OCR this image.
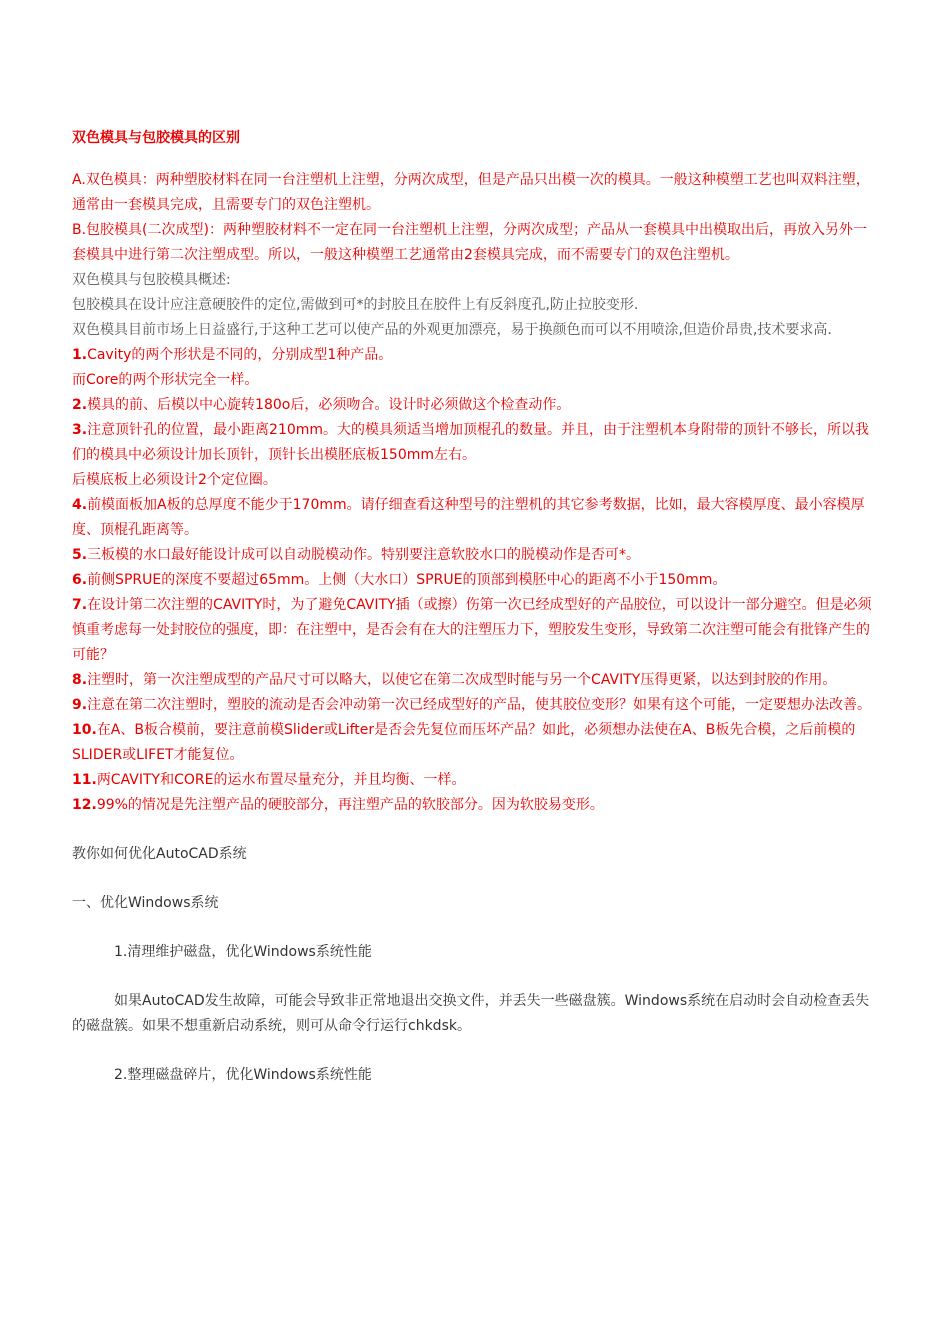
双色模具与包胶模具的区别

A.双色模具：两种塑胶材料在同一台注塑机上注塑，分两次成型，但是产品只出模一次的模具。一般这种模塑工艺也叫双料注塑，通常由一套模具完成，且需要专门的双色注塑机。

B.包胶模具(二次成型)：两种塑胶材料不一定在同一台注塑机上注塑，分两次成型；产品从一套模具中出模取出后，再放入另外一套模具中进行第二次注塑成型。所以，一般这种模塑工艺通常由2套模具完成，而不需要专门的双色注塑机。

双色模具与包胶模具概述:

包胶模具在设计应注意硬胶件的定位,需做到可*的封胶且在胶件上有反斜度孔,防止拉胶变形.

双色模具目前市场上日益盛行,于这种工艺可以使产品的外观更加漂亮，易于换颜色而可以不用喷涂,但造价昂贵,技术要求高.

1.Cavity的两个形状是不同的，分别成型1种产品。

而Core的两个形状完全一样。

2.模具的前、后模以中心旋转180o后，必须吻合。设计时必须做这个检查动作。

3.注意顶针孔的位置，最小距离210mm。大的模具须适当增加顶棍孔的数量。并且，由于注塑机本身附带的顶针不够长，所以我们的模具中必须设计加长顶针，顶针长出模胚底板150mm左右。

后模底板上必须设计2个定位圈。

4.前模面板加A板的总厚度不能少于170mm。请仔细查看这种型号的注塑机的其它参考数据，比如，最大容模厚度、最小容模厚度、顶棍孔距离等。

5.三板模的水口最好能设计成可以自动脱模动作。特别要注意软胶水口的脱模动作是否可*。

6.前侧SPRUE的深度不要超过65mm。上侧（大水口）SPRUE的顶部到模胚中心的距离不小于150mm。

7.在设计第二次注塑的CAVITY时，为了避免CAVITY插（或擦）伤第一次已经成型好的产品胶位，可以设计一部分避空。但是必须慎重考虑每一处封胶位的强度，即：在注塑中，是否会有在大的注塑压力下，塑胶发生变形，导致第二次注塑可能会有批锋产生的可能？

8.注塑时，第一次注塑成型的产品尺寸可以略大，以使它在第二次成型时能与另一个CAVITY压得更紧，以达到封胶的作用。

9.注意在第二次注塑时，塑胶的流动是否会冲动第一次已经成型好的产品，使其胶位变形？如果有这个可能，一定要想办法改善。

10.在A、B板合模前，要注意前模Slider或Lifter是否会先复位而压坏产品？如此，必须想办法使在A、B板先合模，之后前模的SLIDER或LIFET才能复位。

11.两CAVITY和CORE的运水布置尽量充分，并且均衡、一样。

12.99%的情况是先注塑产品的硬胶部分，再注塑产品的软胶部分。因为软胶易变形。

教你如何优化AutoCAD系统

一、优化Windows系统

1.清理维护磁盘，优化Windows系统性能

如果AutoCAD发生故障，可能会导致非正常地退出交换文件，并丢失一些磁盘簇。Windows系统在启动时会自动检查丢失的磁盘簇。如果不想重新启动系统，则可从命令行运行chkdsk。

2.整理磁盘碎片，优化Windows系统性能
